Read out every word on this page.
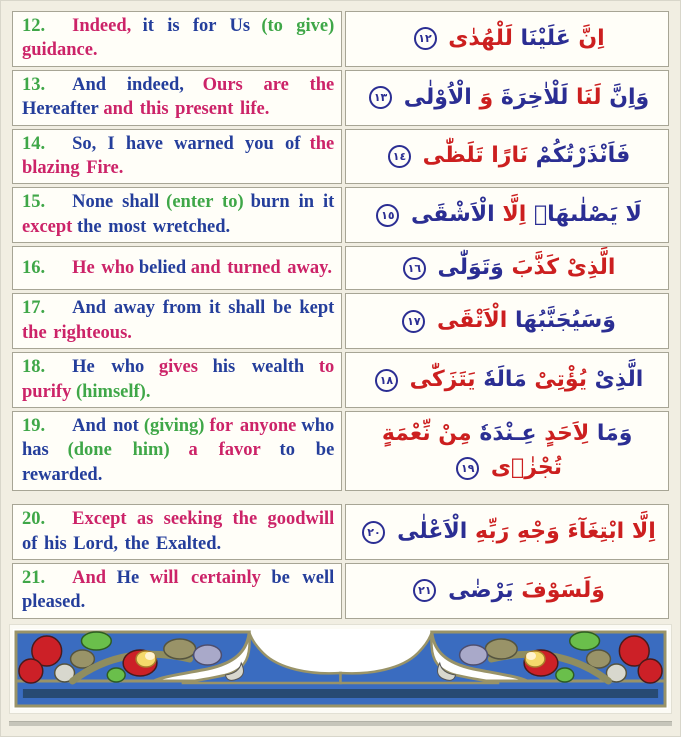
12. Indeed, it is for Us (to give) guidance.	اِنَّ عَلَيْنَا لَلْهُدٰى ١٢
13. And indeed, Ours are the Hereafter and this present life.	وَاِنَّ لَنَا لَلْاٰخِرَةَ وَ الْاُوْلٰى ١٣
14. So, I have warned you of the blazing Fire.	فَاَنْذَرْتُكُمْ نَارًا تَلَظّٰى ١٤
15. None shall (enter to) burn in it except the most wretched.	لَا يَصْلٰىهَاۤ اِلَّا الْاَشْقَى ١٥
16. He who belied and turned away.	الَّذِىْ كَذَّبَ وَتَوَلّٰى ١٦
17. And away from it shall be kept the righteous.	وَسَيُجَنَّبُهَا الْاَتْقَى ١٧
18. He who gives his wealth to purify (himself).	الَّذِىْ يُؤْتِىْ مَالَهٗ يَتَزَكّٰى ١٨
19. And not (giving) for anyone who has (done him) a favor to be rewarded.	وَمَا لِاَحَدٍ عِـنْدَهٗ مِنْ نِّعْمَةٍ تُجْزٰۤى ١٩

20. Except as seeking the goodwill of his Lord, the Exalted.	اِلَّا ابْتِغَآءَ وَجْهِ رَبِّهِ الْاَعْلٰى ٢٠
21. And He will certainly be well pleased.	وَلَسَوْفَ يَرْضٰى ٢١
